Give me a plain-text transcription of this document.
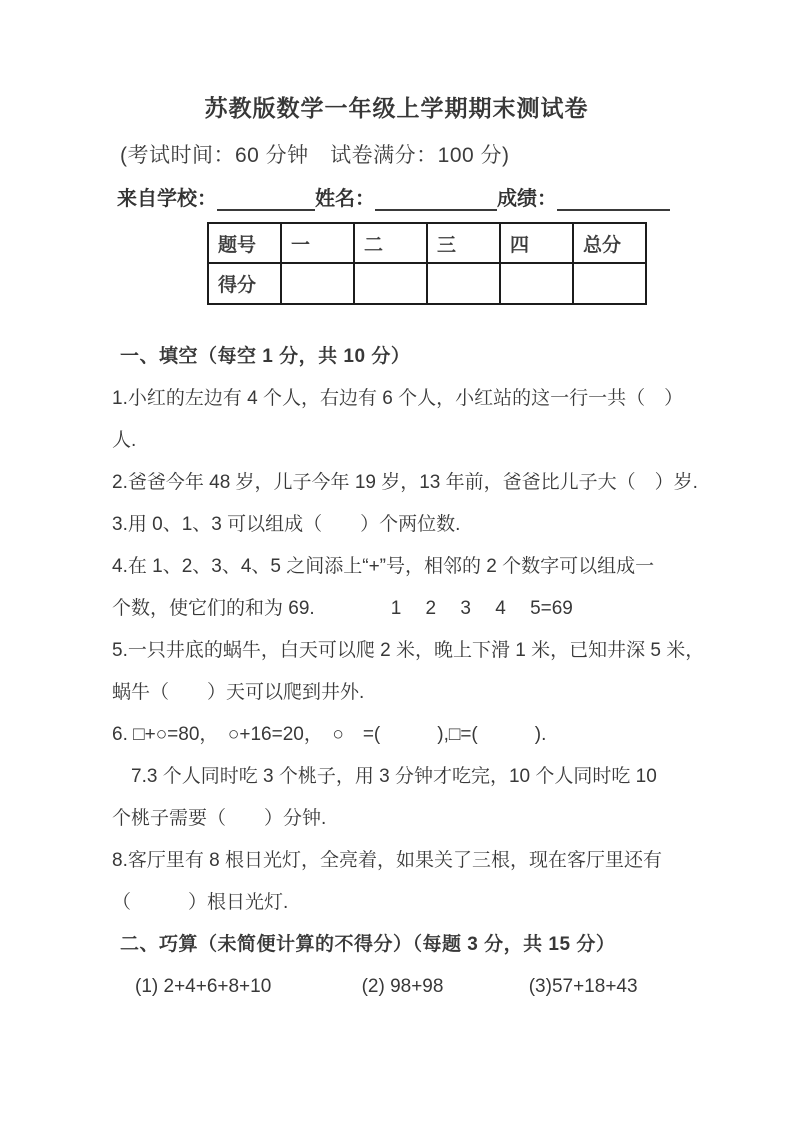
苏教版数学一年级上学期期末测试卷
(考试时间：60 分钟　试卷满分：100 分)
来自学校：	姓名：	成绩：
题号	一	二	三	四	总分
得分					
一、填空（每空 1 分，共 10 分）
1.小红的左边有 4 个人，右边有 6 个人，小红站的这一行一共（　）
人.
2.爸爸今年 48 岁，儿子今年 19 岁，13 年前，爸爸比儿子大（　）岁.
3.用 0、1、3 可以组成（　　）个两位数.
4.在 1、2、3、4、5 之间添上“+”号，相邻的 2 个数字可以组成一
个数，使它们的和为 69.　　　　1　 2　 3　 4　 5=69
5.一只井底的蜗牛，白天可以爬 2 米，晚上下滑 1 米，已知井深 5 米，
蜗牛（　　）天可以爬到井外.
6. □+○=80，　○+16=20，　○　=(　　　),□=(　　　).
　7.3 个人同时吃 3 个桃子，用 3 分钟才吃完，10 个人同时吃 10
个桃子需要（　　）分钟.
8.客厅里有 8 根日光灯，全亮着，如果关了三根，现在客厅里还有
（　　　）根日光灯.
二、巧算（未简便计算的不得分）（每题 3 分，共 15 分）
(1) 2+4+6+8+10	(2) 98+98	(3)57+18+43
